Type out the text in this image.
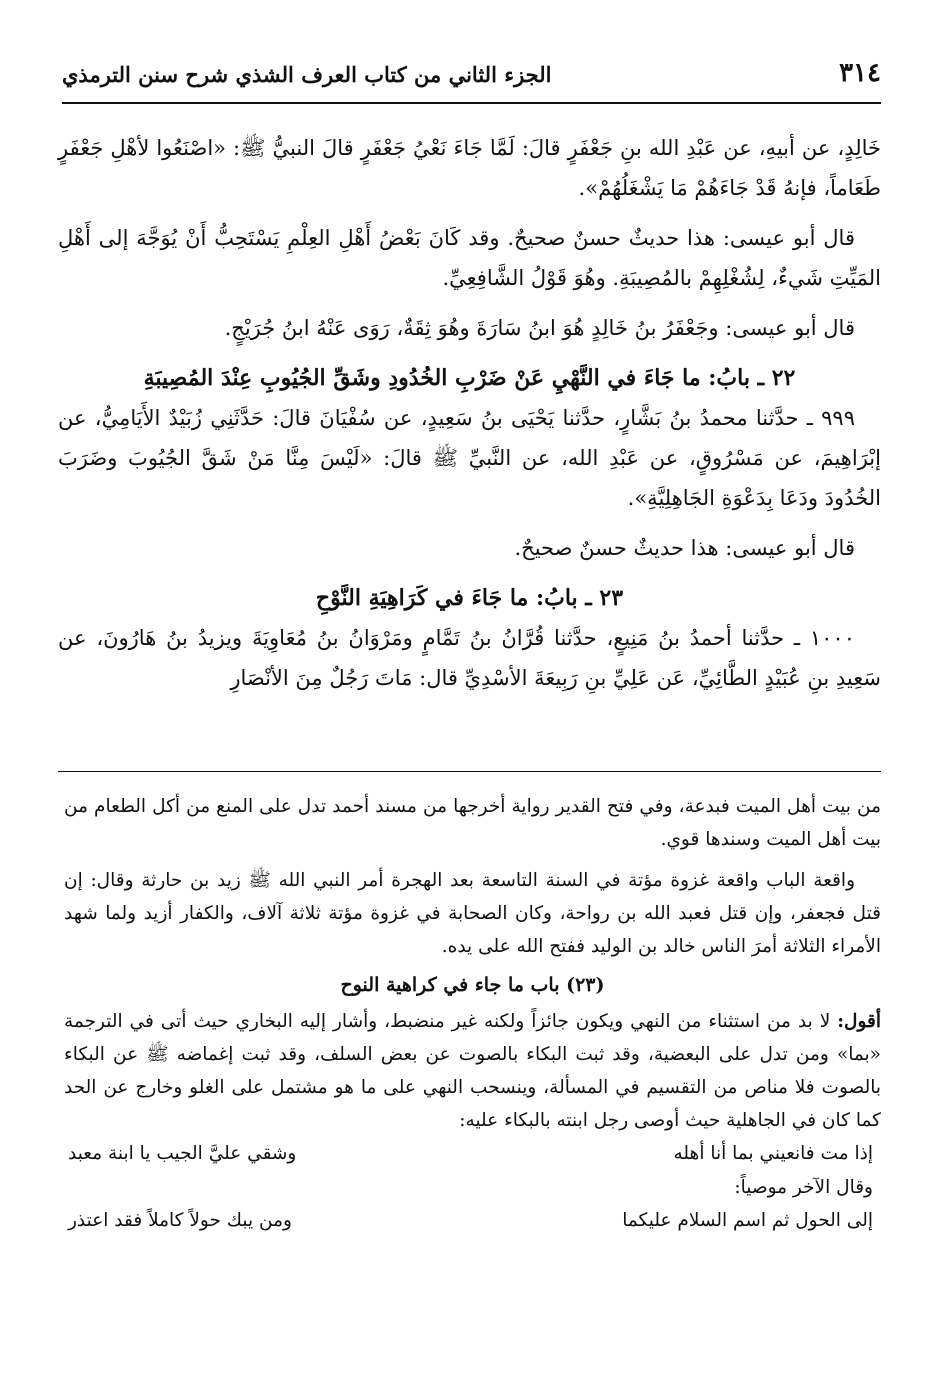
٣١٤
الجزء الثاني من كتاب العرف الشذي شرح سنن الترمذي

خَالِدٍ، عن أبيهِ، عن عَبْدِ الله بنِ جَعْفَرٍ قالَ: لَمَّا جَاءَ نَعْيُ جَعْفَرٍ قالَ النبيُّ ﷺ: «اصْنَعُوا لأهْلِ جَعْفَرٍ طَعَاماً، فإنهُ قَدْ جَاءَهُمْ مَا يَشْغَلُهُمْ».

قال أبو عيسى: هذا حديثٌ حسنٌ صحيحٌ. وقد كَانَ بَعْضُ أَهْلِ العِلْمِ يَسْتَحِبُّ أَنْ يُوَجَّهَ إلى أَهْلِ المَيِّتِ شَيءٌ، لِشُغْلِهِمْ بالمُصِيبَةِ. وهُوَ قَوْلُ الشَّافِعِيِّ.

قال أبو عيسى: وجَعْفَرُ بنُ خَالِدٍ هُوَ ابنُ سَارَةَ وهُوَ ثِقَةٌ، رَوَى عَنْهُ ابنُ جُرَيْجٍ.

٢٢ ـ بابُ: ما جَاءَ في النَّهْيِ عَنْ ضَرْبِ الخُدُودِ وشَقِّ الجُيُوبِ عِنْدَ المُصِيبَةِ

٩٩٩ ـ حدَّثنا محمدُ بنُ بَشَّارٍ، حدَّثنا يَحْيَى بنُ سَعِيدٍ، عن سُفْيَانَ قالَ: حَدَّثَنِي زُبَيْدٌ الأَيَامِيُّ، عن إبْرَاهِيمَ، عن مَسْرُوقٍ، عن عَبْدِ الله، عن النَّبيِّ ﷺ قالَ: «لَيْسَ مِنَّا مَنْ شَقَّ الجُيُوبَ وضَرَبَ الخُدُودَ ودَعَا بِدَعْوَةِ الجَاهِلِيَّةِ».

قال أبو عيسى: هذا حديثٌ حسنٌ صحيحٌ.

٢٣ ـ بابُ: ما جَاءَ في كَرَاهِيَةِ النَّوْحِ

١٠٠٠ ـ حدَّثنا أحمدُ بنُ مَنِيعٍ، حدَّثنا قُرَّانُ بنُ تَمَّامٍ ومَرْوَانُ بنُ مُعَاوِيَةَ ويزيدُ بنُ هَارُونَ، عن سَعِيدِ بنِ عُبَيْدٍ الطَّائِيِّ، عَن عَلِيِّ بنِ رَبِيعَةَ الأسْدِيِّ قال: مَاتَ رَجُلٌ مِنَ الأنْصَارِ

من بيت أهل الميت فبدعة، وفي فتح القدير رواية أخرجها من مسند أحمد تدل على المنع من أكل الطعام من بيت أهل الميت وسندها قوي.

واقعة الباب واقعة غزوة مؤتة في السنة التاسعة بعد الهجرة أمر النبي الله ﷺ زيد بن حارثة وقال: إن قتل فجعفر، وإن قتل فعبد الله بن رواحة، وكان الصحابة في غزوة مؤتة ثلاثة آلاف، والكفار أزيد ولما شهد الأمراء الثلاثة أمرَ الناس خالد بن الوليد ففتح الله على يده.

(٢٣) باب ما جاء في كراهية النوح

أقول: لا بد من استثناء من النهي ويكون جائزاً ولكنه غير منضبط، وأشار إليه البخاري حيث أتى في الترجمة «بما» ومن تدل على البعضية، وقد ثبت البكاء بالصوت عن بعض السلف، وقد ثبت إغماضه ﷺ عن البكاء بالصوت فلا مناص من التقسيم في المسألة، وينسحب النهي على ما هو مشتمل على الغلو وخارج عن الحد كما كان في الجاهلية حيث أوصى رجل ابنته بالبكاء عليه:

إذا مت فانعيني بما أنا أهله
وشقي عليَّ الجيب يا ابنة معبد

وقال الآخر موصياً:

إلى الحول ثم اسم السلام عليكما
ومن يبك حولاً كاملاً فقد اعتذر
